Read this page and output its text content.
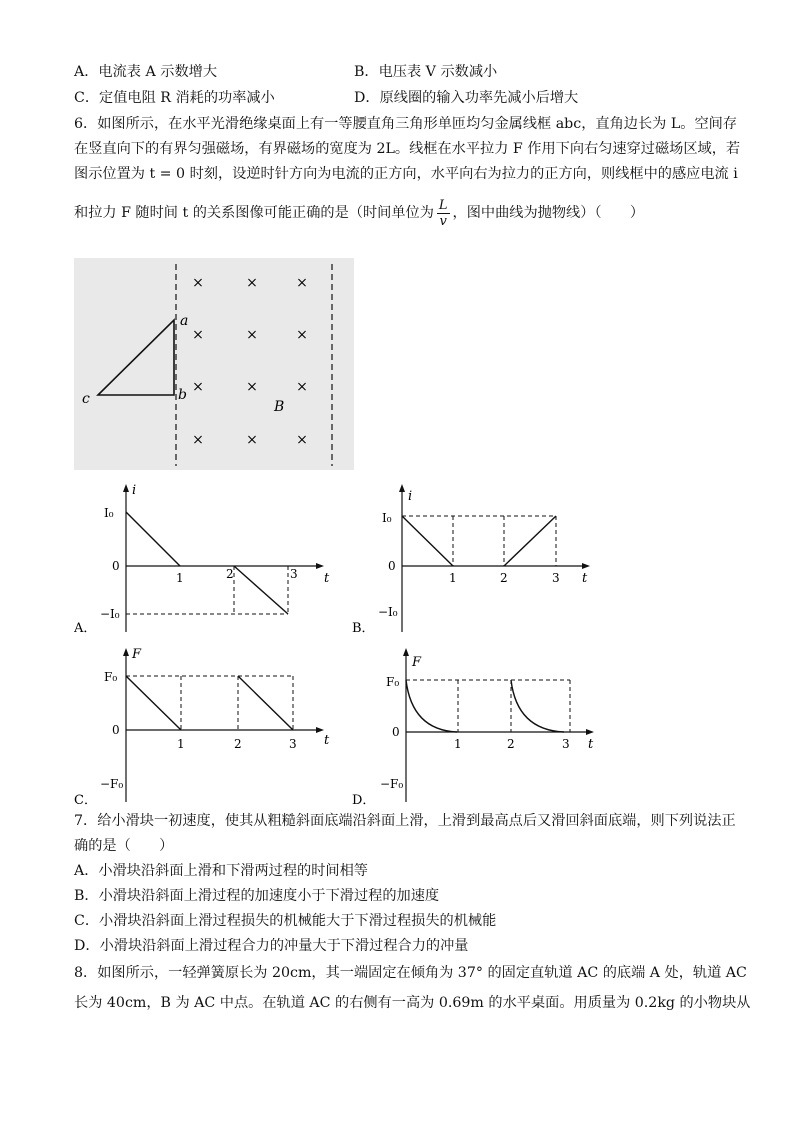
A．电流表 A 示数增大	B．电压表 V 示数减小
C．定值电阻 R 消耗的功率减小	D．原线圈的输入功率先减小后增大
6．如图所示，在水平光滑绝缘桌面上有一等腰直角三角形单匝均匀金属线框 abc，直角边长为 L。空间存
在竖直向下的有界匀强磁场，有界磁场的宽度为 2L。线框在水平拉力 F 作用下向右匀速穿过磁场区域，若
图示位置为 t = 0 时刻，设逆时针方向为电流的正方向，水平向右为拉力的正方向，则线框中的感应电流 i
和拉力 F 随时间 t 的关系图像可能正确的是（时间单位为 $\frac{L}{v}$ ，图中曲线为抛物线）（　　）
a
b
c	B
×	×	×
×	×	×
×	×	×
×	×	×
i
t
I₀
0
−I₀
1	2	3
A．
i
t
I₀
0
−I₀
1	2	3
B．
F
t
F₀
0
−F₀
1	2	3
C．
F
t
F₀
0
−F₀
1	2	3
D．
7．给小滑块一初速度，使其从粗糙斜面底端沿斜面上滑，上滑到最高点后又滑回斜面底端，则下列说法正
确的是（　　）
A．小滑块沿斜面上滑和下滑两过程的时间相等
B．小滑块沿斜面上滑过程的加速度小于下滑过程的加速度
C．小滑块沿斜面上滑过程损失的机械能大于下滑过程损失的机械能
D．小滑块沿斜面上滑过程合力的冲量大于下滑过程合力的冲量
8．如图所示，一轻弹簧原长为 20cm，其一端固定在倾角为 37° 的固定直轨道 AC 的底端 A 处，轨道 AC
长为 40cm，B 为 AC 中点。在轨道 AC 的右侧有一高为 0.69m 的水平桌面。用质量为 0.2kg 的小物块从
